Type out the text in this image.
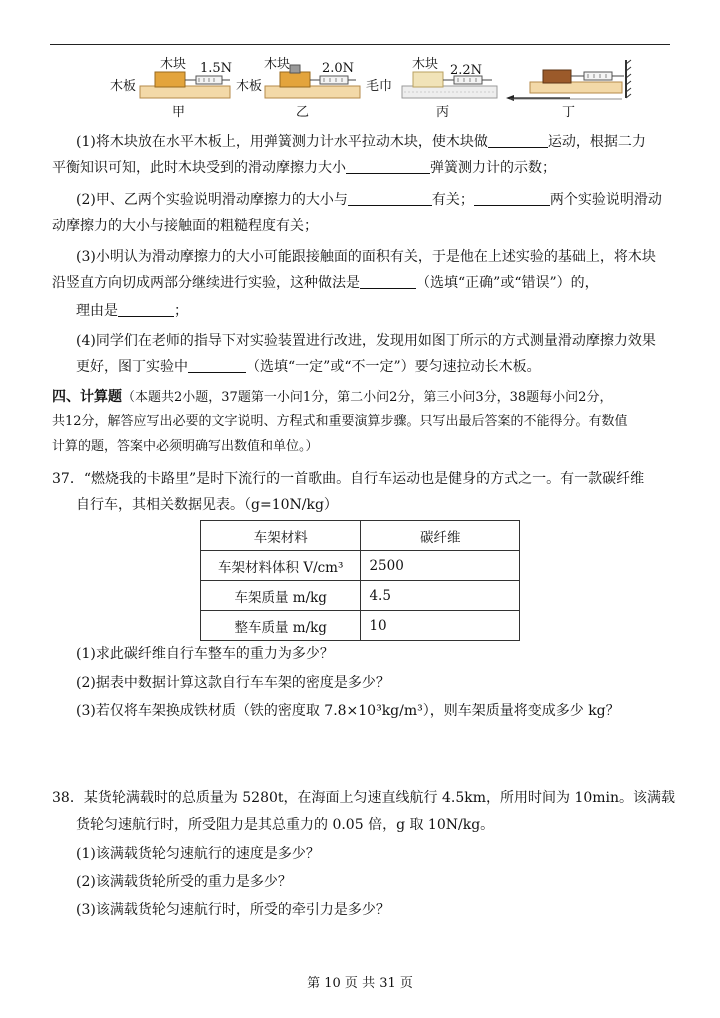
木块 1.5N
木板
甲
木块 2.0N
木板
乙
木块 2.2N
毛巾
丙	丁
(1)将木块放在水平木板上，用弹簧测力计水平拉动木块，使木块做	运动，根据二力
平衡知识可知，此时木块受到的滑动摩擦力大小	弹簧测力计的示数；
(2)甲、乙两个实验说明滑动摩擦力的大小与	有关；	两个实验说明滑动
动摩擦力的大小与接触面的粗糙程度有关；
(3)小明认为滑动摩擦力的大小可能跟接触面的面积有关，于是他在上述实验的基础上，将木块
沿竖直方向切成两部分继续进行实验，这种做法是	（选填“正确”或“错误”）的，
理由是	；
(4)同学们在老师的指导下对实验装置进行改进，发现用如图丁所示的方式测量滑动摩擦力效果
更好，图丁实验中	（选填“一定”或“不一定”）要匀速拉动长木板。
四、计算题（本题共2小题，37题第一小问1分，第二小问2分，第三小问3分，38题每小问2分，
共12分，解答应写出必要的文字说明、方程式和重要演算步骤。只写出最后答案的不能得分。有数值
计算的题，答案中必须明确写出数值和单位。）
37．“燃烧我的卡路里”是时下流行的一首歌曲。自行车运动也是健身的方式之一。有一款碳纤维
自行车，其相关数据见表。（g=10N/kg）
车架材料	碳纤维
车架材料体积 V/cm³	2500
车架质量 m/kg	4.5
整车质量 m/kg	10
(1)求此碳纤维自行车整车的重力为多少？
(2)据表中数据计算这款自行车车架的密度是多少？
(3)若仅将车架换成铁材质（铁的密度取 7.8×10³kg/m³），则车架质量将变成多少 kg？
38．某货轮满载时的总质量为 5280t，在海面上匀速直线航行 4.5km，所用时间为 10min。该满载
货轮匀速航行时，所受阻力是其总重力的 0.05 倍，g 取 10N/kg。
(1)该满载货轮匀速航行的速度是多少？
(2)该满载货轮所受的重力是多少？
(3)该满载货轮匀速航行时，所受的牵引力是多少？
第 10 页 共 31 页
